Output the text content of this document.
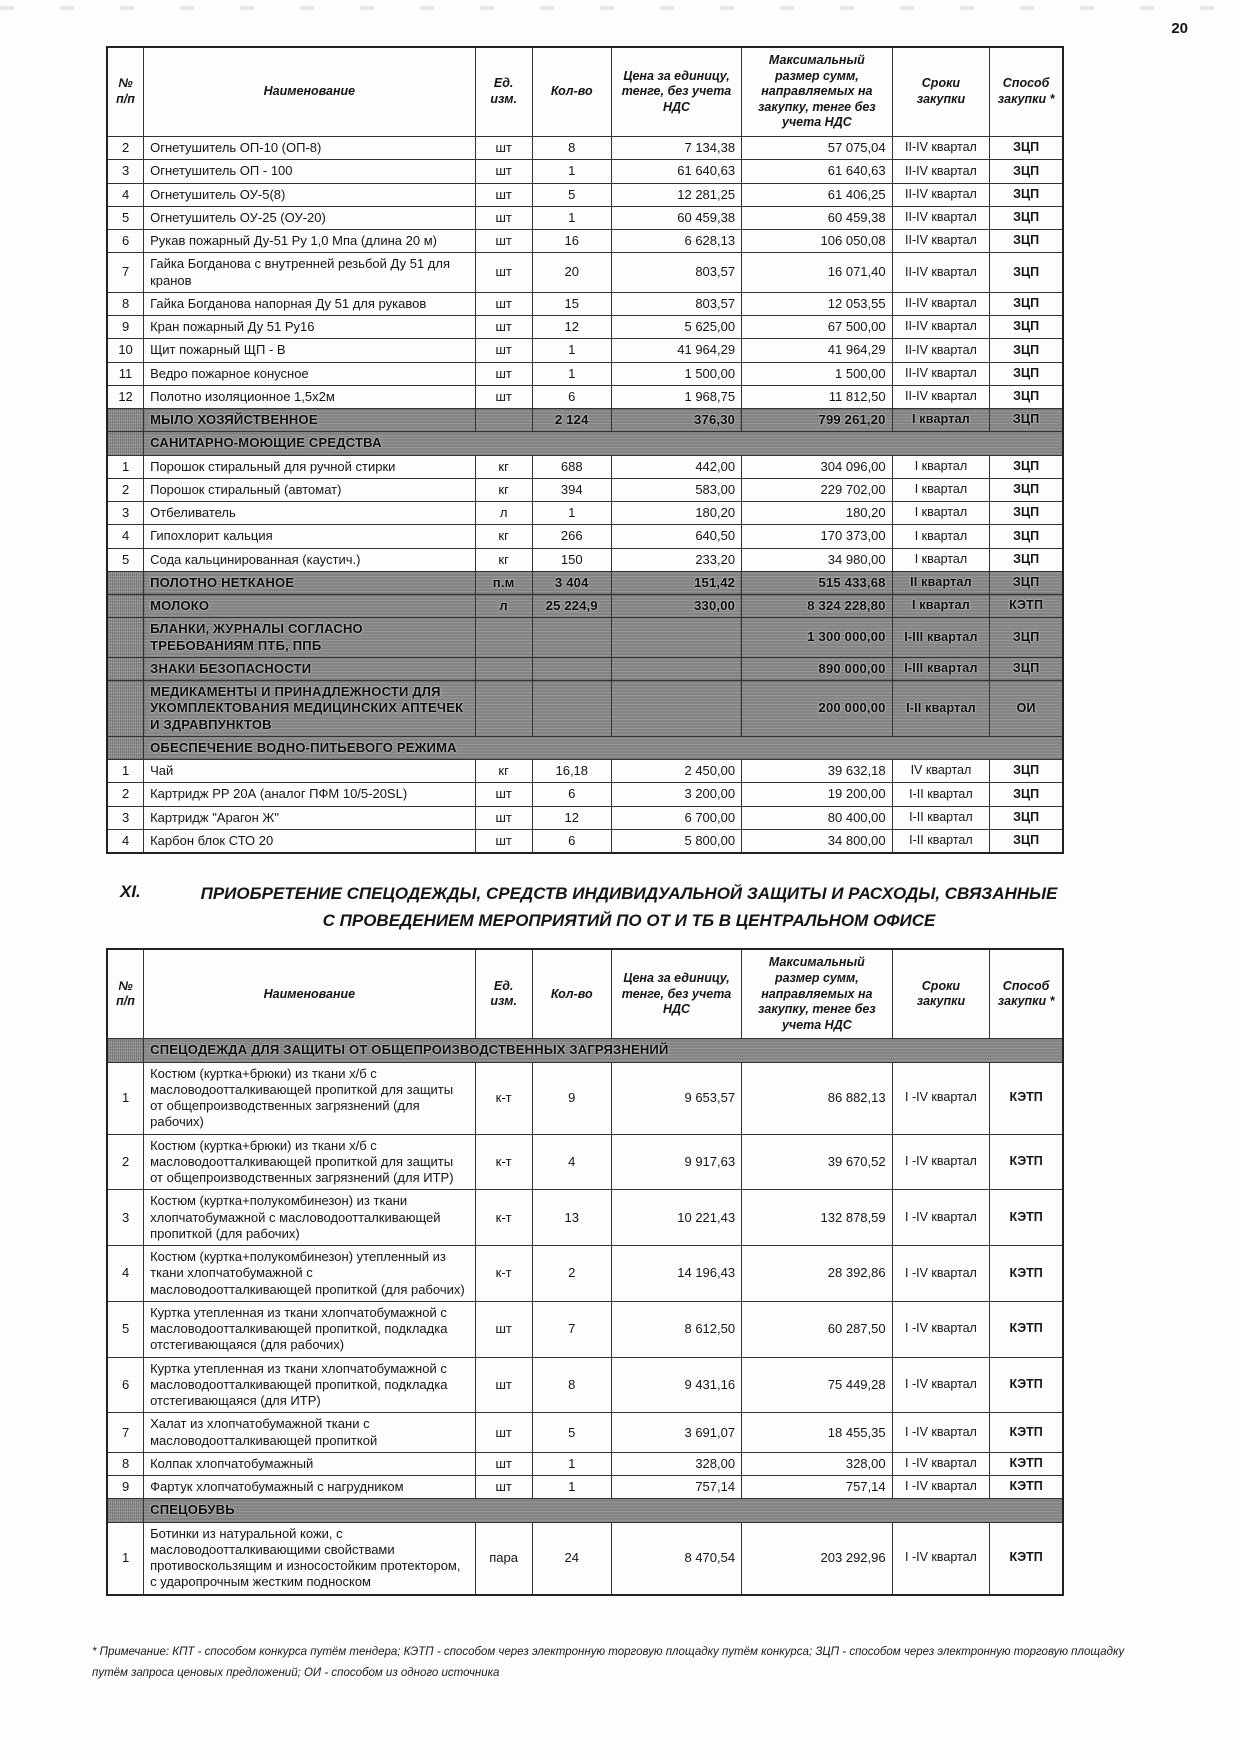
20
№ п/п	Наименование	Ед. изм.	Кол-во	Цена за единицу, тенге, без учета НДС	Максимальный размер сумм, направляемых на закупку, тенге без учета НДС	Сроки закупки	Способ закупки *
2	Огнетушитель ОП-10 (ОП-8)	шт	8	7 134,38	57 075,04	II-IV квартал	ЗЦП
3	Огнетушитель ОП - 100	шт	1	61 640,63	61 640,63	II-IV квартал	ЗЦП
4	Огнетушитель ОУ-5(8)	шт	5	12 281,25	61 406,25	II-IV квартал	ЗЦП
5	Огнетушитель ОУ-25 (ОУ-20)	шт	1	60 459,38	60 459,38	II-IV квартал	ЗЦП
6	Рукав пожарный Ду-51 Ру 1,0 Мпа (длина 20 м)	шт	16	6 628,13	106 050,08	II-IV квартал	ЗЦП
7	Гайка Богданова с внутренней резьбой Ду 51 для кранов	шт	20	803,57	16 071,40	II-IV квартал	ЗЦП
8	Гайка Богданова напорная Ду 51 для рукавов	шт	15	803,57	12 053,55	II-IV квартал	ЗЦП
9	Кран пожарный Ду 51 Ру16	шт	12	5 625,00	67 500,00	II-IV квартал	ЗЦП
10	Щит пожарный ЩП - В	шт	1	41 964,29	41 964,29	II-IV квартал	ЗЦП
11	Ведро пожарное конусное	шт	1	1 500,00	1 500,00	II-IV квартал	ЗЦП
12	Полотно изоляционное 1,5х2м	шт	6	1 968,75	11 812,50	II-IV квартал	ЗЦП
	МЫЛО ХОЗЯЙСТВЕННОЕ		2 124	376,30	799 261,20	I квартал	ЗЦП
	САНИТАРНО-МОЮЩИЕ СРЕДСТВА						
1	Порошок стиральный для ручной стирки	кг	688	442,00	304 096,00	I квартал	ЗЦП
2	Порошок стиральный (автомат)	кг	394	583,00	229 702,00	I квартал	ЗЦП
3	Отбеливатель	л	1	180,20	180,20	I квартал	ЗЦП
4	Гипохлорит кальция	кг	266	640,50	170 373,00	I квартал	ЗЦП
5	Сода кальцинированная (каустич.)	кг	150	233,20	34 980,00	I квартал	ЗЦП
	ПОЛОТНО НЕТКАНОЕ	п.м	3 404	151,42	515 433,68	II квартал	ЗЦП
	МОЛОКО	л	25 224,9	330,00	8 324 228,80	I квартал	КЭТП
	БЛАНКИ, ЖУРНАЛЫ СОГЛАСНО ТРЕБОВАНИЯМ ПТБ, ППБ				1 300 000,00	I-III квартал	ЗЦП
	ЗНАКИ БЕЗОПАСНОСТИ				890 000,00	I-III квартал	ЗЦП
	МЕДИКАМЕНТЫ И ПРИНАДЛЕЖНОСТИ ДЛЯ УКОМПЛЕКТОВАНИЯ МЕДИЦИНСКИХ АПТЕЧЕК И ЗДРАВПУНКТОВ				200 000,00	I-II квартал	ОИ
	ОБЕСПЕЧЕНИЕ ВОДНО-ПИТЬЕВОГО РЕЖИМА						
1	Чай	кг	16,18	2 450,00	39 632,18	IV квартал	ЗЦП
2	Картридж РР 20А (аналог ПФМ 10/5-20SL)	шт	6	3 200,00	19 200,00	I-II квартал	ЗЦП
3	Картридж "Арагон Ж"	шт	12	6 700,00	80 400,00	I-II квартал	ЗЦП
4	Карбон блок СТО 20	шт	6	5 800,00	34 800,00	I-II квартал	ЗЦП
XI.	ПРИОБРЕТЕНИЕ СПЕЦОДЕЖДЫ, СРЕДСТВ ИНДИВИДУАЛЬНОЙ ЗАЩИТЫ И РАСХОДЫ, СВЯЗАННЫЕ С ПРОВЕДЕНИЕМ МЕРОПРИЯТИЙ ПО ОТ И ТБ В ЦЕНТРАЛЬНОМ ОФИСЕ
№ п/п	Наименование	Ед. изм.	Кол-во	Цена за единицу, тенге, без учета НДС	Максимальный размер сумм, направляемых на закупку, тенге без учета НДС	Сроки закупки	Способ закупки *
	СПЕЦОДЕЖДА ДЛЯ ЗАЩИТЫ ОТ ОБЩЕПРОИЗВОДСТВЕННЫХ ЗАГРЯЗНЕНИЙ						
1	Костюм (куртка+брюки) из ткани х/б с масловодоотталкивающей пропиткой для защиты от общепроизводственных загрязнений (для рабочих)	к-т	9	9 653,57	86 882,13	I -IV квартал	КЭТП
2	Костюм (куртка+брюки) из ткани х/б с масловодоотталкивающей пропиткой для защиты от общепроизводственных загрязнений (для ИТР)	к-т	4	9 917,63	39 670,52	I -IV квартал	КЭТП
3	Костюм (куртка+полукомбинезон) из ткани хлопчатобумажной с масловодоотталкивающей пропиткой (для рабочих)	к-т	13	10 221,43	132 878,59	I -IV квартал	КЭТП
4	Костюм (куртка+полукомбинезон) утепленный из ткани хлопчатобумажной с масловодоотталкивающей пропиткой (для рабочих)	к-т	2	14 196,43	28 392,86	I -IV квартал	КЭТП
5	Куртка утепленная из ткани хлопчатобумажной с масловодоотталкивающей пропиткой, подкладка отстегивающаяся (для рабочих)	шт	7	8 612,50	60 287,50	I -IV квартал	КЭТП
6	Куртка утепленная из ткани хлопчатобумажной с масловодоотталкивающей пропиткой, подкладка отстегивающаяся (для ИТР)	шт	8	9 431,16	75 449,28	I -IV квартал	КЭТП
7	Халат из хлопчатобумажной ткани с масловодоотталкивающей пропиткой	шт	5	3 691,07	18 455,35	I -IV квартал	КЭТП
8	Колпак хлопчатобумажный	шт	1	328,00	328,00	I -IV квартал	КЭТП
9	Фартук хлопчатобумажный с нагрудником	шт	1	757,14	757,14	I -IV квартал	КЭТП
	СПЕЦОБУВЬ						
1	Ботинки из натуральной кожи, с масловодоотталкивающими свойствами противоскользящим и износостойким протектором, с ударопрочным жестким подноском	пара	24	8 470,54	203 292,96	I -IV квартал	КЭТП
* Примечание: КПТ - способом конкурса путём тендера; КЭТП - способом через электронную торговую площадку путём конкурса; ЗЦП - способом через электронную торговую площадку путём запроса ценовых предложений; ОИ - способом из одного источника
